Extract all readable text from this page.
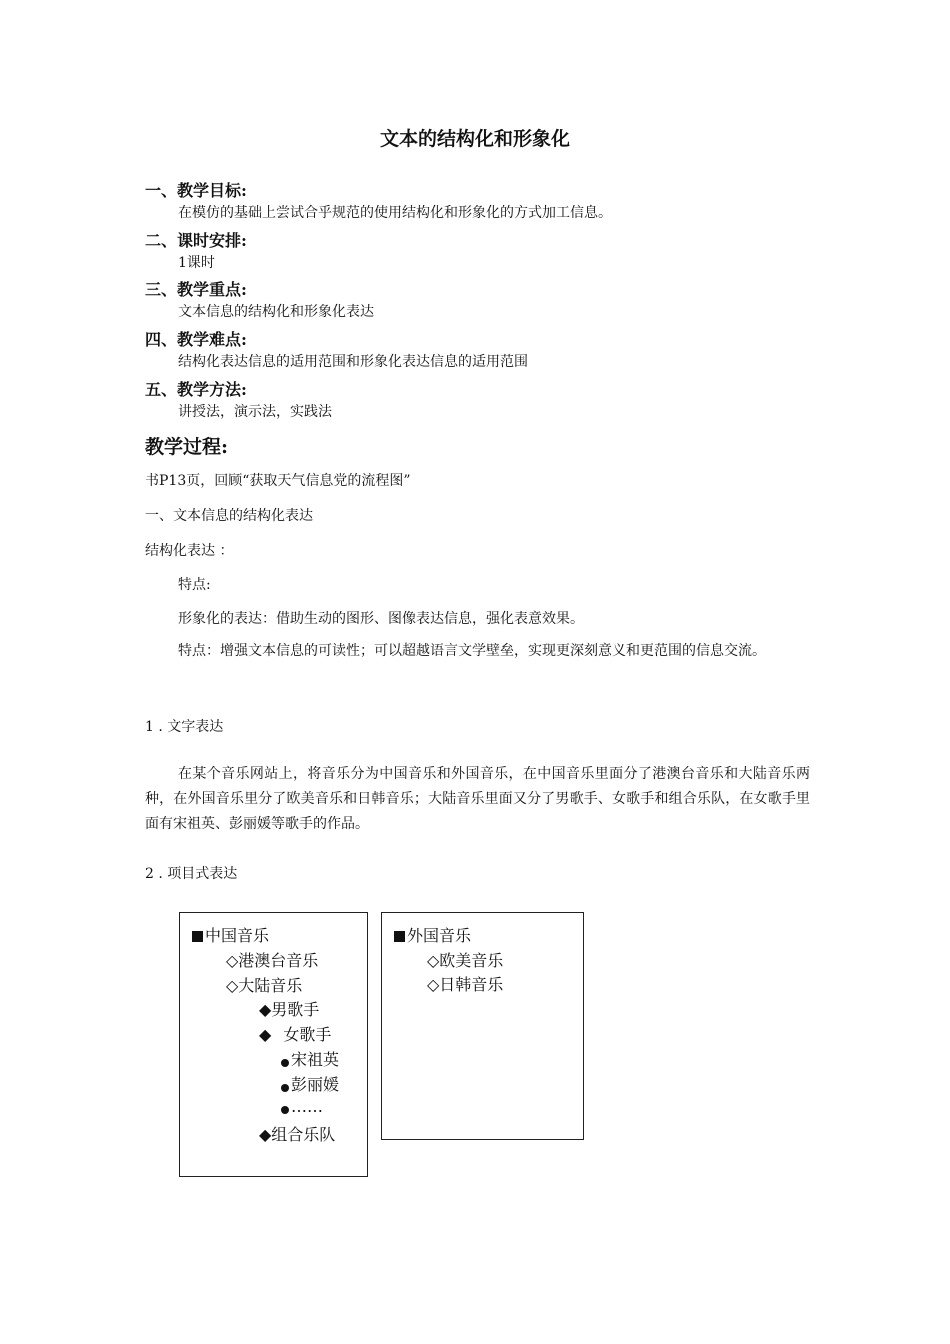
文本的结构化和形象化
一、教学目标:
在模仿的基础上尝试合乎规范的使用结构化和形象化的方式加工信息。
二、课时安排:
1课时
三、教学重点:
文本信息的结构化和形象化表达
四、教学难点:
结构化表达信息的适用范围和形象化表达信息的适用范围
五、教学方法:
讲授法，演示法，实践法
教学过程:
书P13页，回顾“获取天气信息党的流程图”
一、文本信息的结构化表达
结构化表达 ：
特点:
形象化的表达：借助生动的图形、图像表达信息，强化表意效果。
特点：增强文本信息的可读性；可以超越语言文学壁垒，实现更深刻意义和更范围的信息交流。
1 . 文字表达
在某个音乐网站上，将音乐分为中国音乐和外国音乐，在中国音乐里面分了港澳台音乐和大陆音乐两种，在外国音乐里分了欧美音乐和日韩音乐；大陆音乐里面又分了男歌手、女歌手和组合乐队，在女歌手里面有宋祖英、彭丽媛等歌手的作品。
2 . 项目式表达
中国音乐
◇港澳台音乐
◇大陆音乐
◆男歌手
◆ 女歌手
宋祖英
彭丽媛
……
◆组合乐队
外国音乐
◇欧美音乐
◇日韩音乐
